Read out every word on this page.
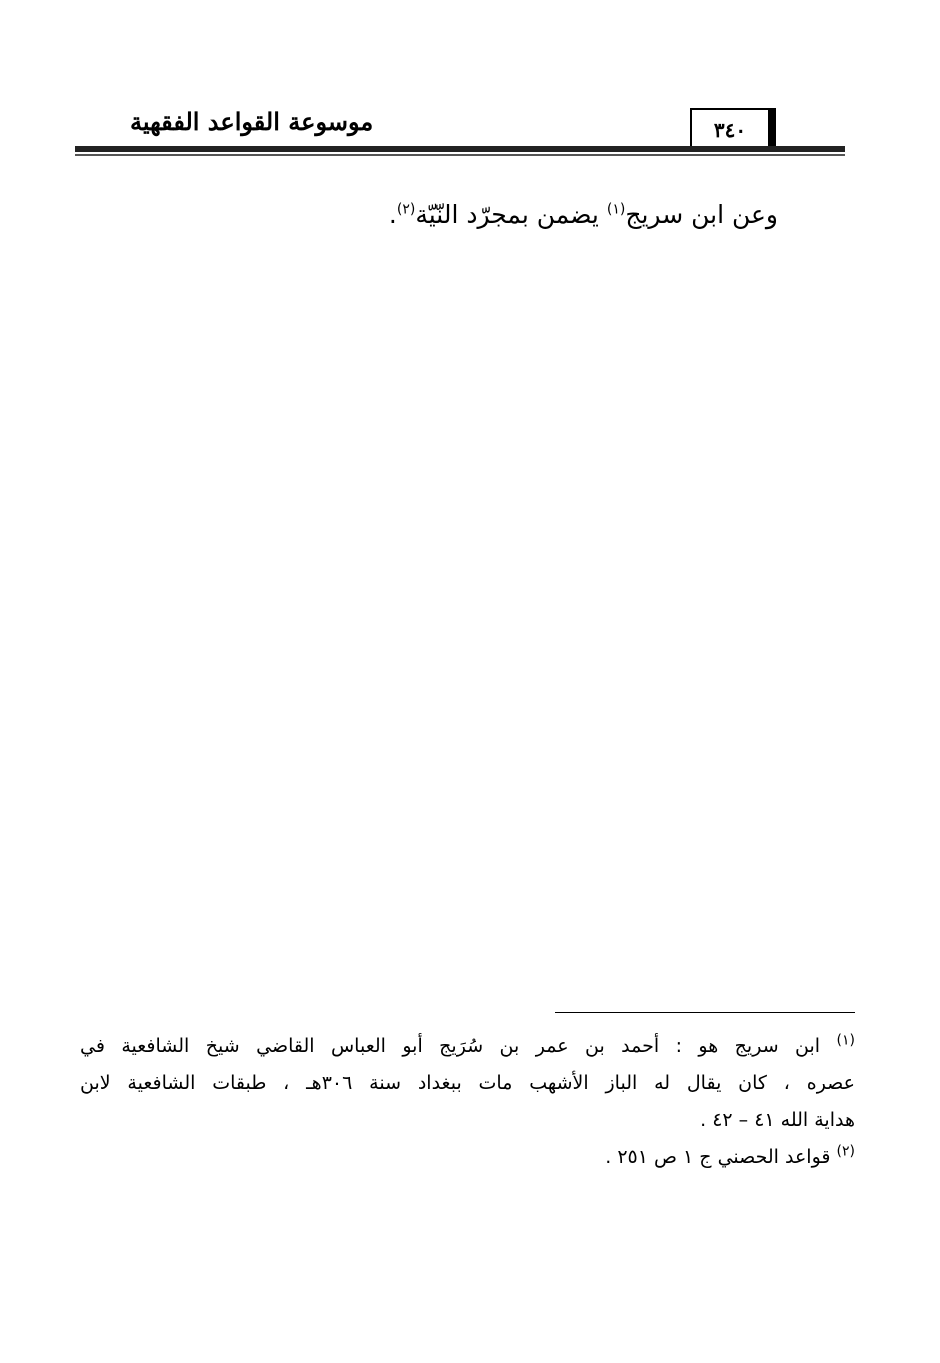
٣٤٠
موسوعة القواعد الفقهية
وعن ابن سريج$^{(١)}$ يضمن بمجرّد النّيّة$^{(٢)}$.
$^{(١)}$ ابن سريج هو : أحمد بن عمر بن سُرَيج أبو العباس القاضي شيخ الشافعية في
عصره ، كان يقال له الباز الأشهب مات ببغداد سنة ٣٠٦هـ ، طبقات الشافعية لابن
هداية الله ٤١ – ٤٢ .
$^{(٢)}$ قواعد الحصني ج ١ ص ٢٥١ .
